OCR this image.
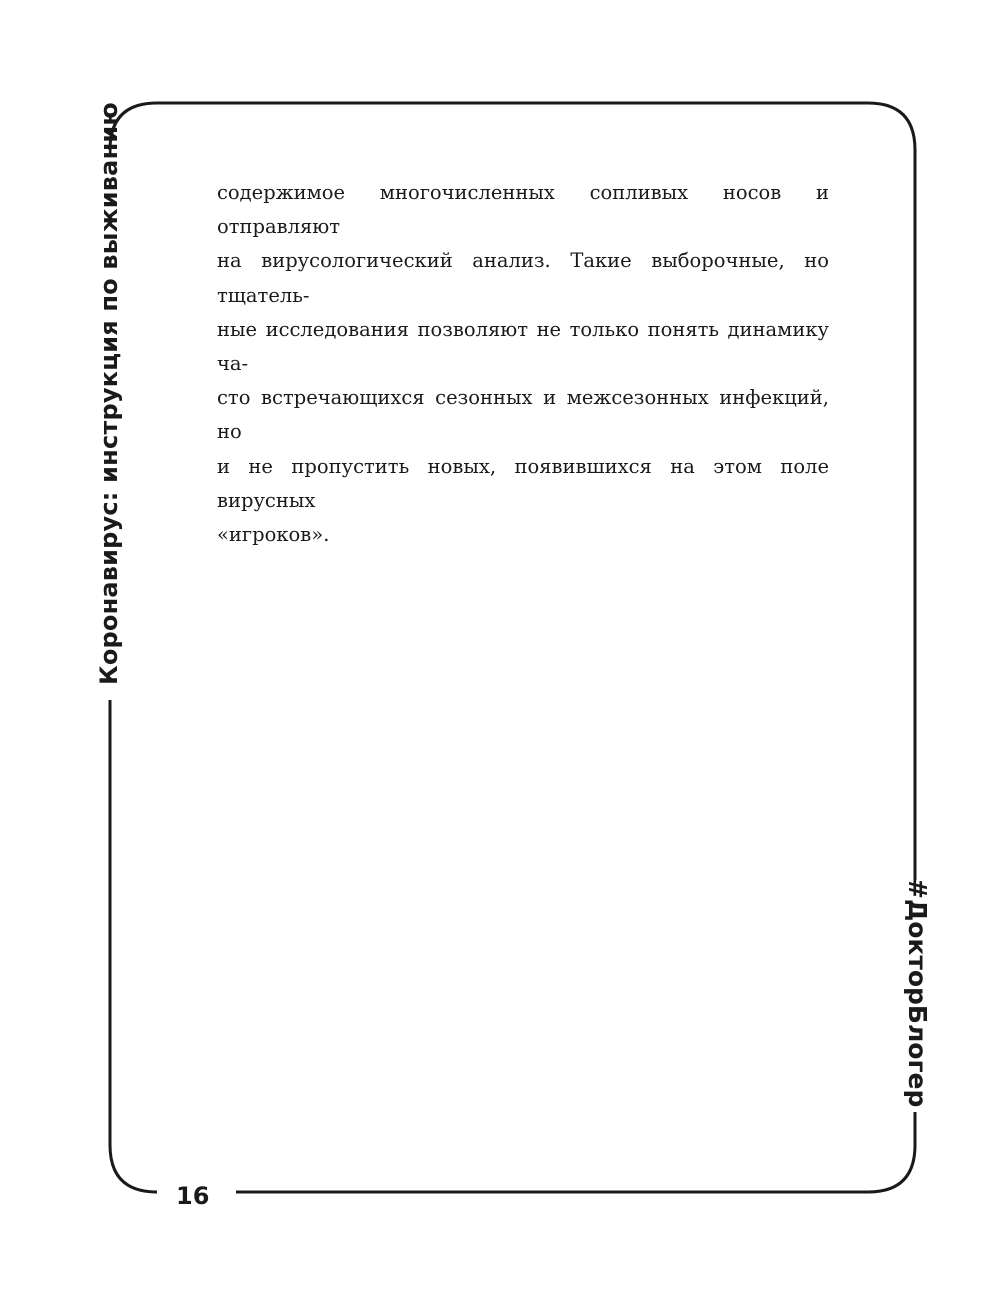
Коронавирус: инструкция по выживанию
#ДокторБлогер
содержимое многочисленных сопливых носов и отправляют
на вирусологический анализ. Такие выборочные, но тщатель-
ные исследования позволяют не только понять динамику ча-
сто встречающихся сезонных и межсезонных инфекций, но
и не пропустить новых, появившихся на этом поле вирусных
«игроков».
16
